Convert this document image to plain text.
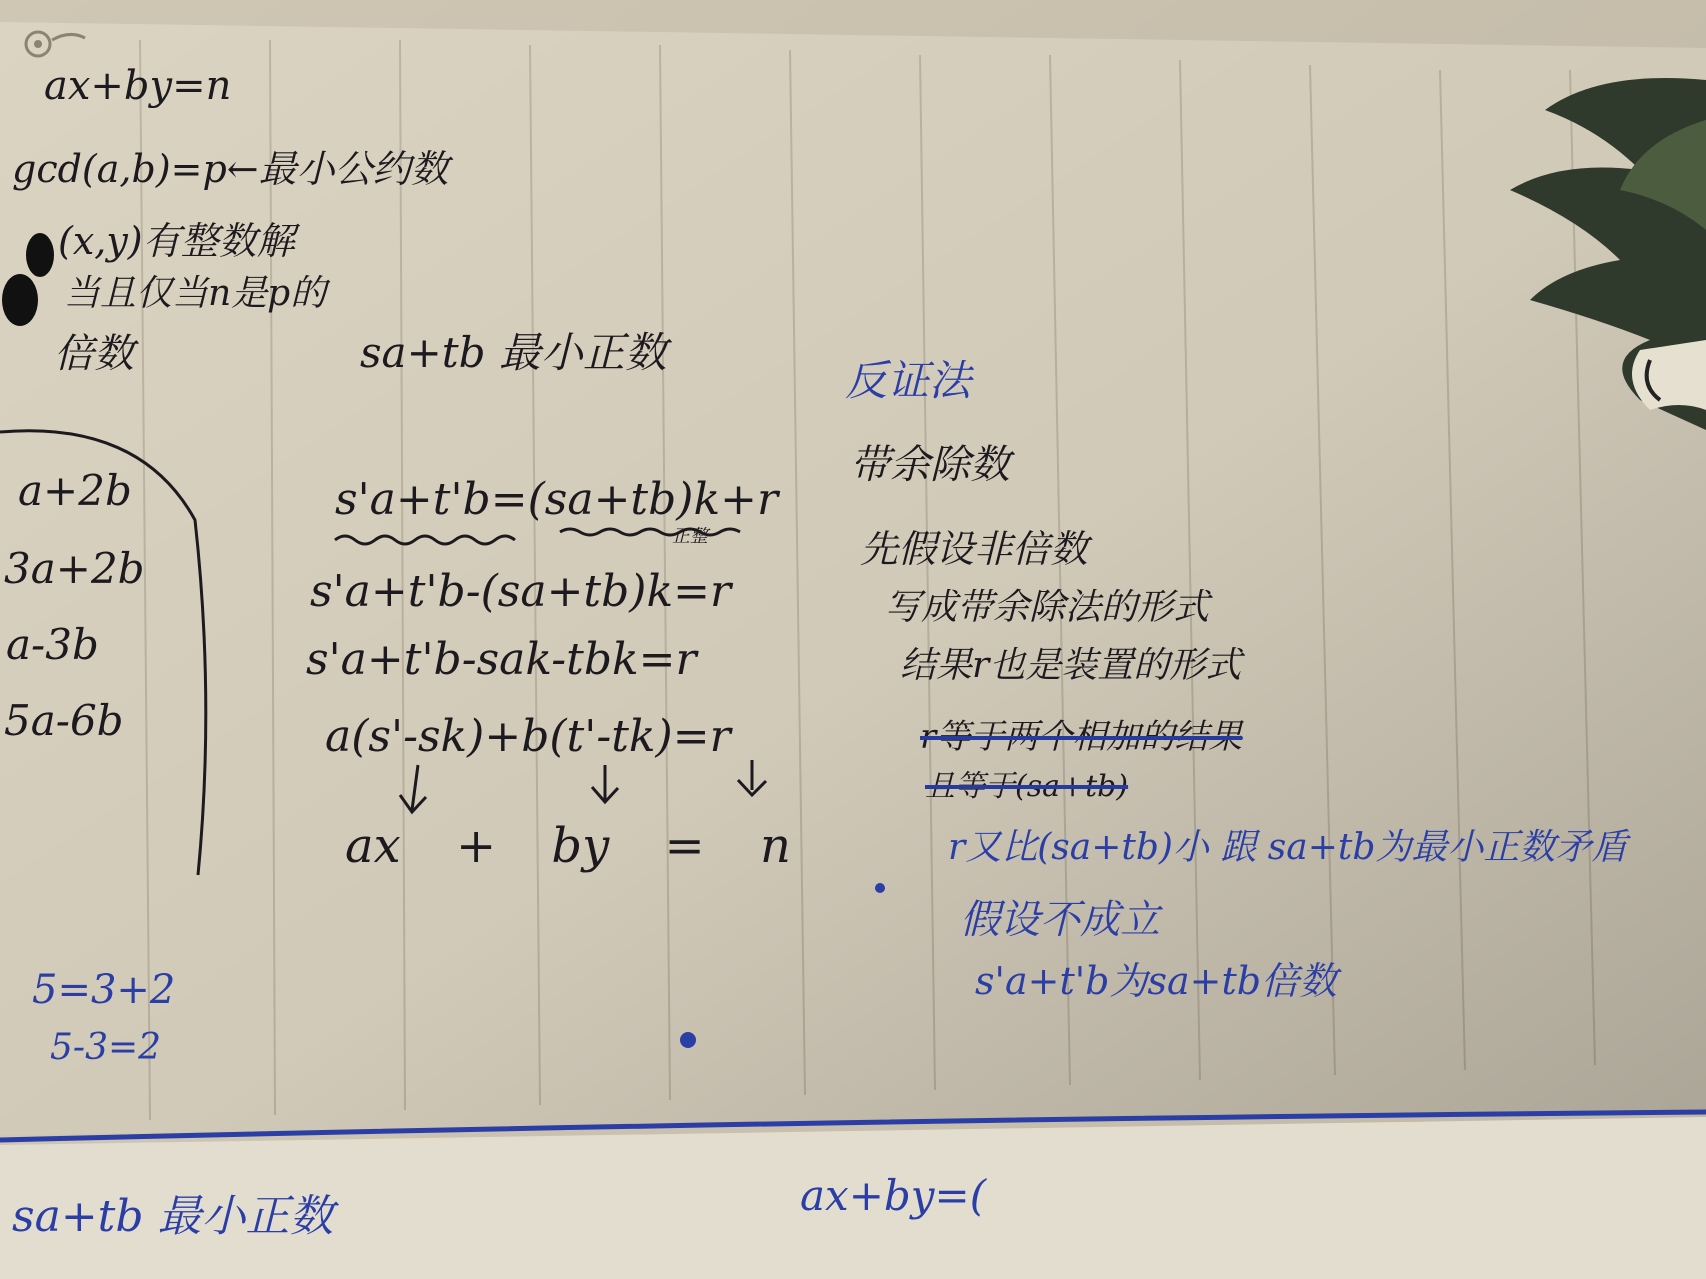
ax+by=n
gcd(a,b)=p←最小公约数
(x,y)有整数解
当且仅当n是p的
倍数
a+2b
3a+2b
a-3b
5a-6b
sa+tb 最小正数
s'a+t'b=(sa+tb)k+r
正整
s'a+t'b-(sa+tb)k=r
s'a+t'b-sak-tbk=r
a(s'-sk)+b(t'-tk)=r
ax + by = n
带余除数
先假设非倍数
写成带余除法的形式
结果r也是装置的形式
反证法
r等于两个相加的结果
且等于(sa+tb)
r又比(sa+tb)小 跟 sa+tb为最小正数矛盾
假设不成立
s'a+t'b为sa+tb倍数
5=3+2
5-3=2
sa+tb 最小正数	ax+by=(
